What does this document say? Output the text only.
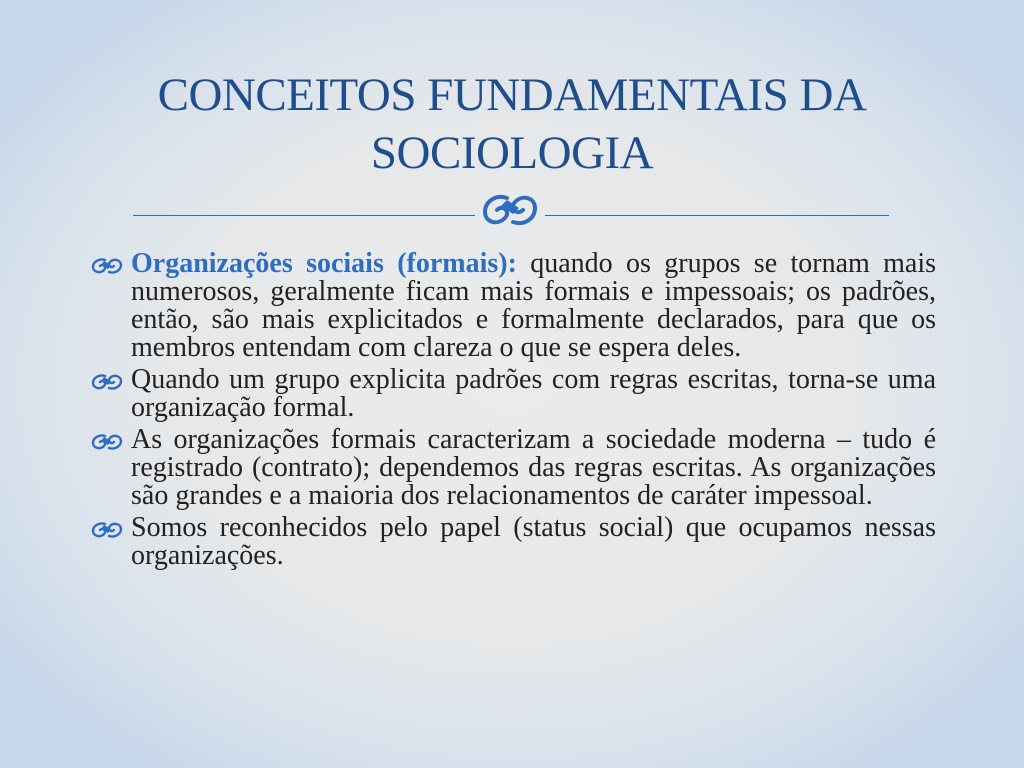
CONCEITOS FUNDAMENTAIS DA
SOCIOLOGIA
Organizações sociais (formais): quando os grupos se tornam mais numerosos, geralmente ficam mais formais e impessoais; os padrões, então, são mais explicitados e formalmente declarados, para que os membros entendam com clareza o que se espera deles.
Quando um grupo explicita padrões com regras escritas, torna-se uma organização formal.
As organizações formais caracterizam a sociedade moderna – tudo é registrado (contrato); dependemos das regras escritas. As organizações são grandes e a maioria dos relacionamentos de caráter impessoal.
Somos reconhecidos pelo papel (status social) que ocupamos nessas organizações.
